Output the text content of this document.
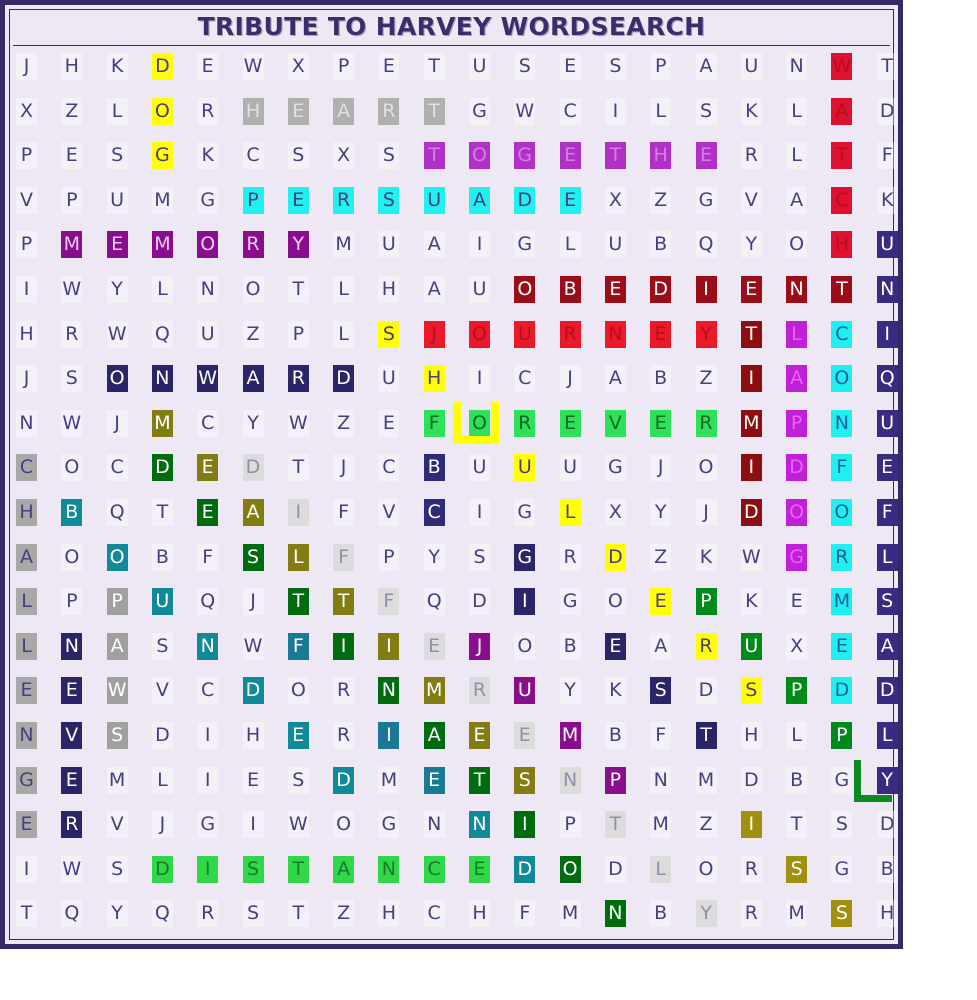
TRIBUTE TO HARVEY WORDSEARCH
J	H K D E W X P E T U S E S P A U N W T
X Z L O R H E A R T G W C	I	L S K L A D
P E S G K C S X S T O G E T H E R L T F
V P U M G P E R S U A D E X Z G V A C K
P M E M O R Y M U A	I	G L U B Q Y O H U
I	W Y L N O T L H A U O B E D	I	E N T N
H R W Q U Z P L S	J	O U R N E Y T L C	I
J	S O N W A R D U H	I	C	J	A B Z	I	A O Q
N W	J	M C Y W Z E F O R E V E R M P N U
C O C D E D T	J	C B U U U G	J	O	I	D F E
H B Q T E A	I	F V C	I	G L X Y	J	D O O F
A O O B F S L F P Y S G R D Z K W G R L
L P P U Q	J	T T F Q D	I	G O E P K E M S
L N A S N W F	I	I	E	J	O B E A R U X E A
E E W V C D O R N M R U Y K S D S P D D
N V S D	I	H E R	I	A E E M B F T H L P L
G E M L	I	E S D M E T S N P N M D B G Y
E R V	J	G	I	W O G N N	I	P T M Z	I	T S D
I	W S D	I	S T A N C E D O D L O R S G B
T Q Y Q R S T Z H C H F M N B Y R M S H
